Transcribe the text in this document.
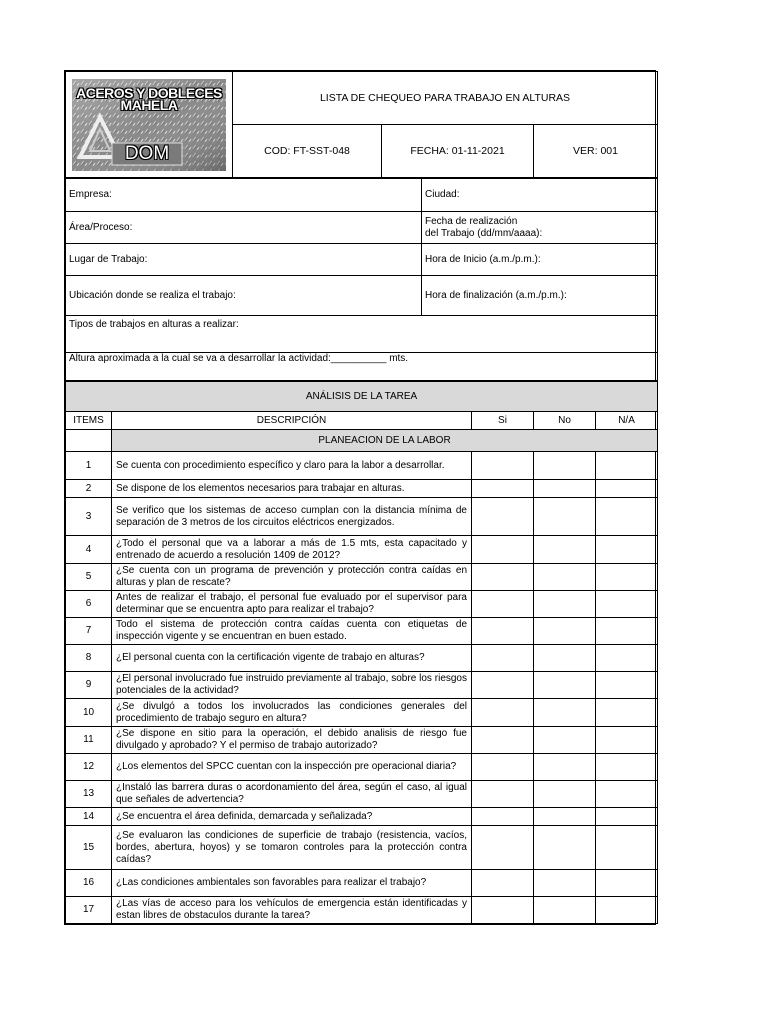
ACEROS Y DOBLECES MAHELA
DOM	LISTA DE CHEQUEO PARA TRABAJO EN ALTURAS		
	COD: FT-SST-048	FECHA: 01-11-2021	VER: 001
Empresa:	Ciudad:
Área/Proceso:	Fecha de realización
del Trabajo (dd/mm/aaaa):

Lugar de Trabajo:	Hora de Inicio (a.m./p.m.):
Ubicación donde se realiza el trabajo:	Hora de finalización (a.m./p.m.):
Tipos de trabajos en alturas a realizar:	
Altura aproximada a la cual se va a desarrollar la actividad:__________ mts.	
ANÁLISIS DE LA TAREA				
ITEMS	DESCRIPCIÓN	Si	No	N/A
	PLANEACION DE LA LABOR			
1	Se cuenta con procedimiento específico y claro para la labor a desarrollar.			
2	Se dispone de los elementos necesarios para trabajar en alturas.			
3	Se verifico que los sistemas de acceso cumplan con la distancia mínima de separación de 3 metros de los circuitos eléctricos energizados.			
4	¿Todo el personal que va a laborar a más de 1.5 mts, esta capacitado y entrenado de acuerdo a resolución 1409 de 2012?			
5	¿Se cuenta con un programa de prevención y protección contra caídas en alturas y plan de rescate?			
6	Antes de realizar el trabajo, el personal fue evaluado por el supervisor para determinar que se encuentra apto para realizar el trabajo?			
7	Todo el sistema de protección contra caídas cuenta con etiquetas de inspección vigente y se encuentran en buen estado.			
8	¿El personal cuenta con la certificación vigente de trabajo en alturas?			
9	¿El personal involucrado fue instruido previamente al trabajo, sobre los riesgos potenciales de la actividad?			
10	¿Se divulgó a todos los involucrados las condiciones generales del procedimiento de trabajo seguro en altura?			
11	¿Se dispone en sitio para la operación, el debido analisis de riesgo fue divulgado y aprobado? Y el permiso de trabajo autorizado?			
12	¿Los elementos del SPCC cuentan con la inspección pre operacional diaria?			
13	¿Instaló las barrera duras o acordonamiento del área, según el caso, al igual que señales de advertencia?			
14	¿Se encuentra el área definida, demarcada y señalizada?			
15	¿Se evaluaron las condiciones de superficie de trabajo (resistencia, vacíos, bordes, abertura, hoyos) y se tomaron controles para la protección contra caídas?			
16	¿Las condiciones ambientales son favorables para realizar el trabajo?			
17	¿Las vías de acceso para los vehículos de emergencia están identificadas y estan libres de obstaculos durante la tarea?			
